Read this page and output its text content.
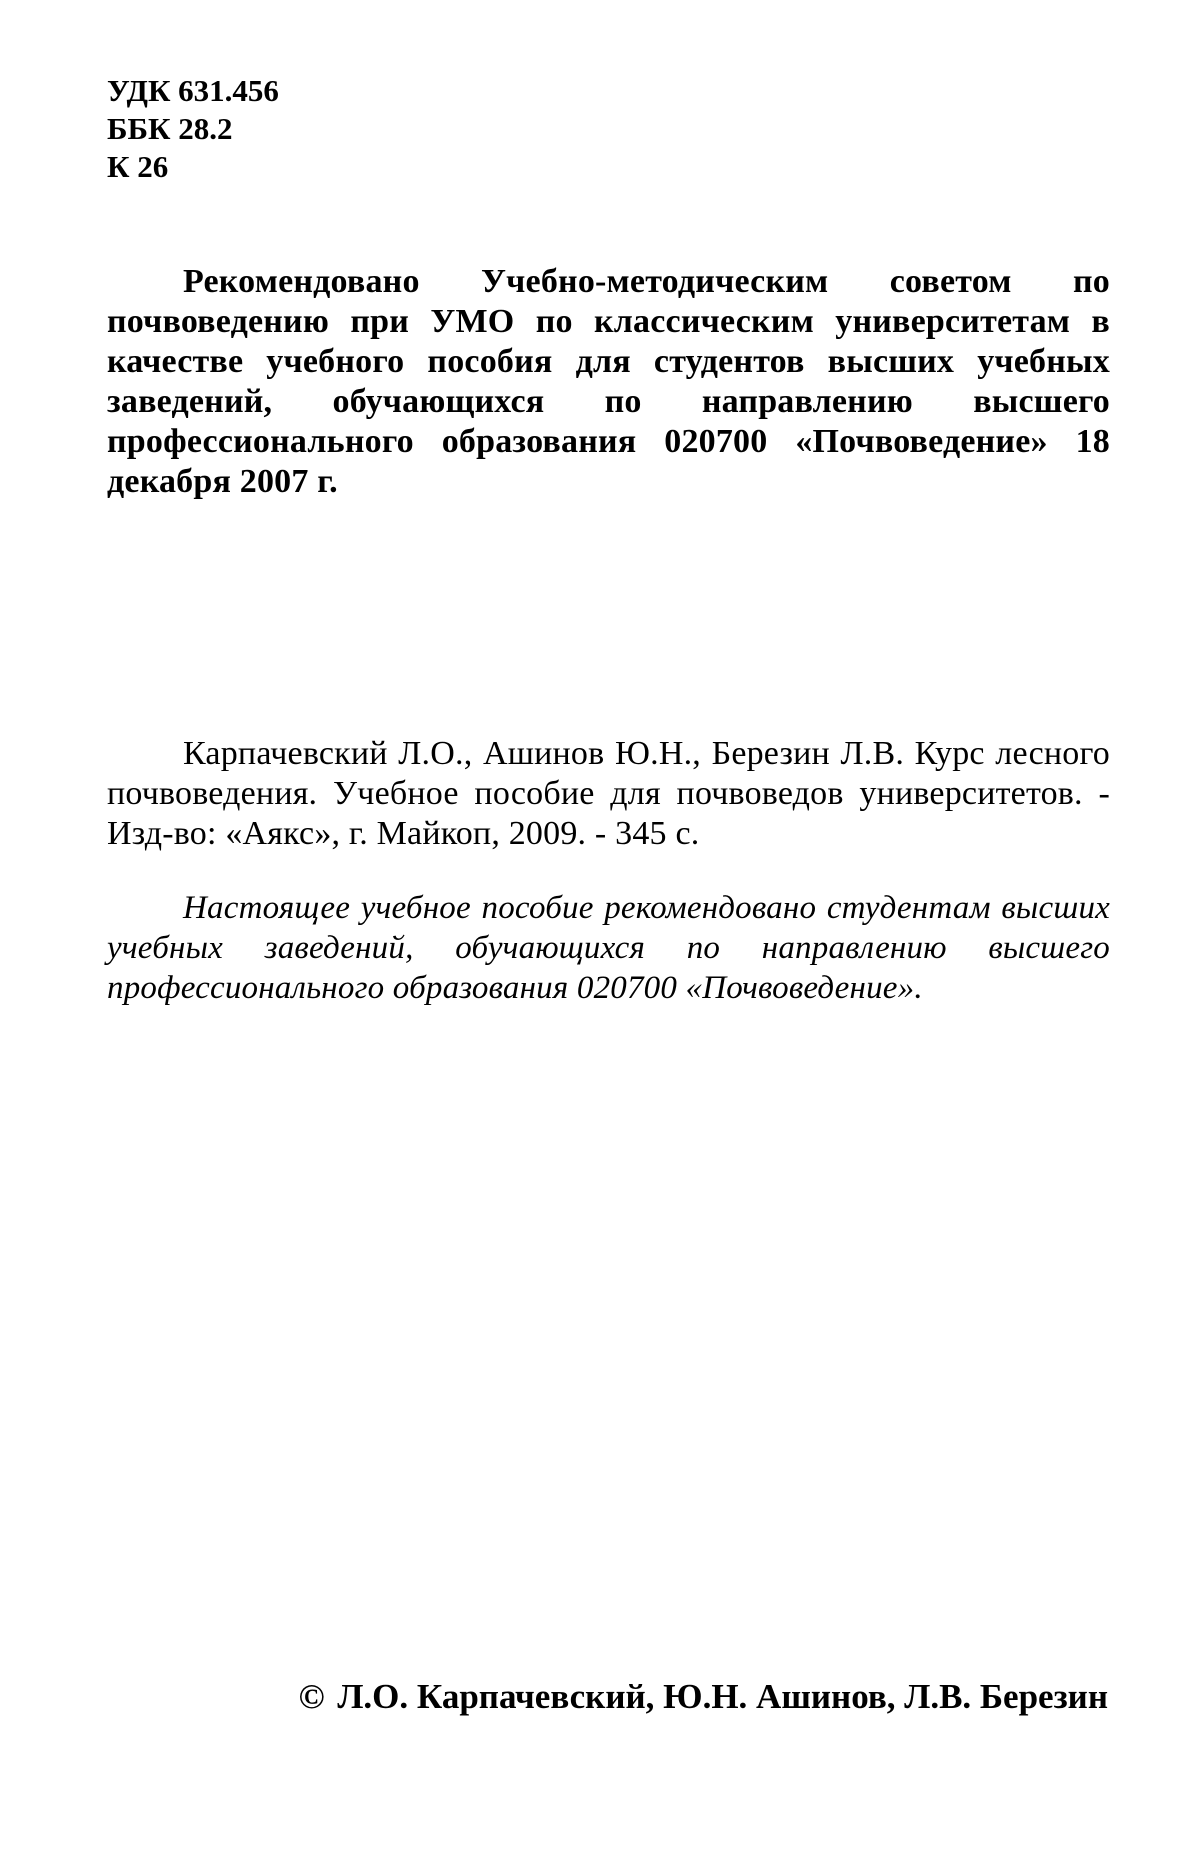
УДК 631.456
ББК 28.2
К 26

Рекомендовано Учебно-методическим советом по почвоведению при УМО по классическим университетам в качестве учебного пособия для студентов высших учебных заведений, обучающихся по направлению высшего профессионального образования 020700 «Почвоведение» 18 декабря 2007 г.

Карпачевский Л.О., Ашинов Ю.Н., Березин Л.В. Курс лесного почвоведения. Учебное пособие для почвоведов университетов. - Изд-во: «Аякс», г. Майкоп, 2009. - 345 с.

Настоящее учебное пособие рекомендовано студентам высших учебных заведений, обучающихся по направлению высшего профессионального образования 020700 «Почвоведение».

© Л.О. Карпачевский, Ю.Н. Ашинов, Л.В. Березин
